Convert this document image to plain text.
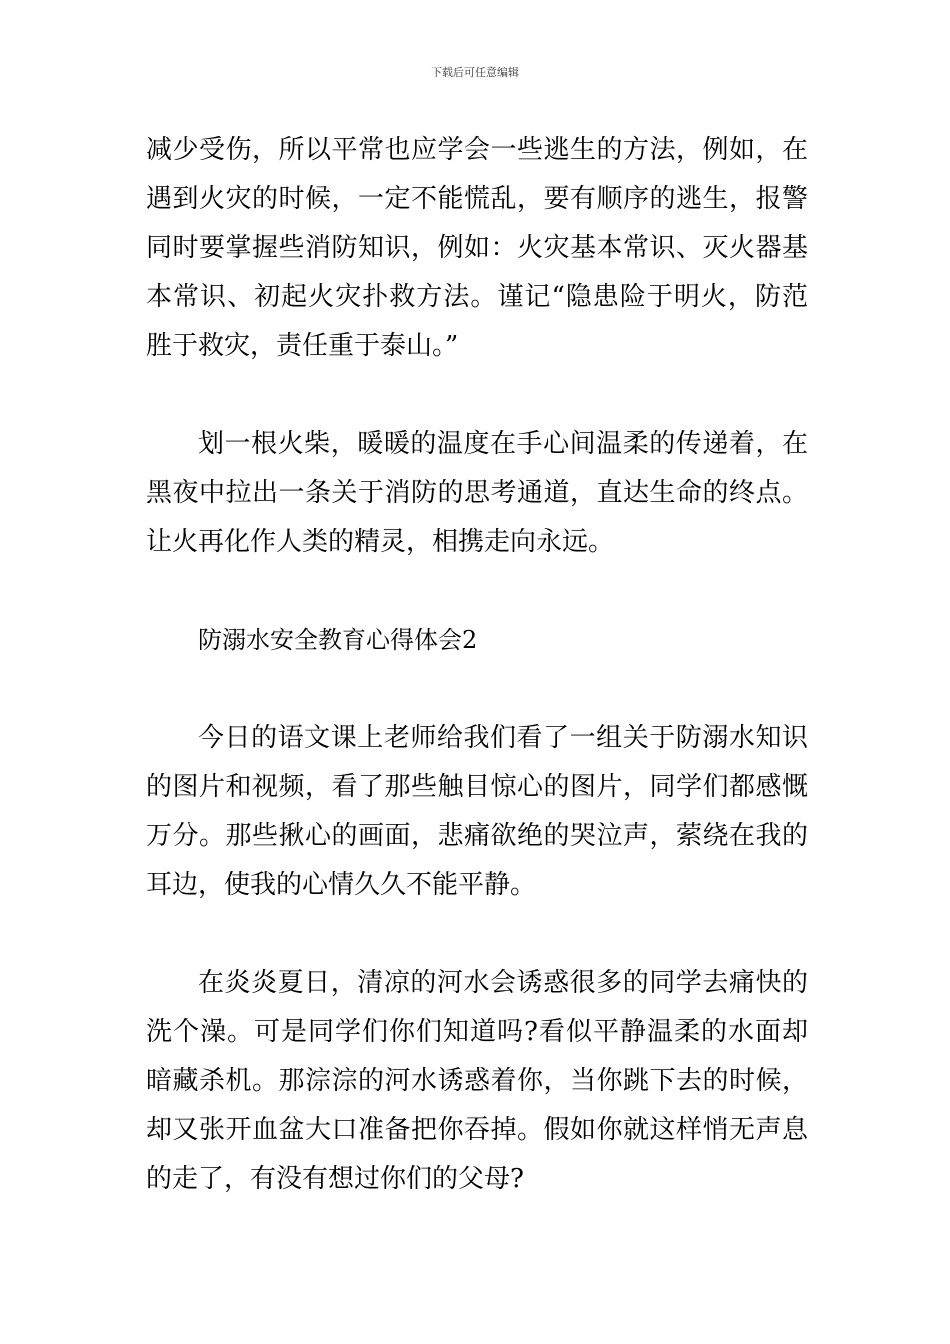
下载后可任意编辑

减少受伤，所以平常也应学会一些逃生的方法，例如，在遇到火灾的时候，一定不能慌乱，要有顺序的逃生，报警同时要掌握些消防知识，例如：火灾基本常识、灭火器基本常识、初起火灾扑救方法。谨记“隐患险于明火，防范胜于救灾，责任重于泰山。”

划一根火柴，暖暖的温度在手心间温柔的传递着，在黑夜中拉出一条关于消防的思考通道，直达生命的终点。让火再化作人类的精灵，相携走向永远。

防溺水安全教育心得体会2

今日的语文课上老师给我们看了一组关于防溺水知识的图片和视频，看了那些触目惊心的图片，同学们都感慨万分。那些揪心的画面，悲痛欲绝的哭泣声，萦绕在我的耳边，使我的心情久久不能平静。

在炎炎夏日，清凉的河水会诱惑很多的同学去痛快的洗个澡。可是同学们你们知道吗?看似平静温柔的水面却暗藏杀机。那淙淙的河水诱惑着你，当你跳下去的时候，却又张开血盆大口准备把你吞掉。假如你就这样悄无声息的走了，有没有想过你们的父母?
